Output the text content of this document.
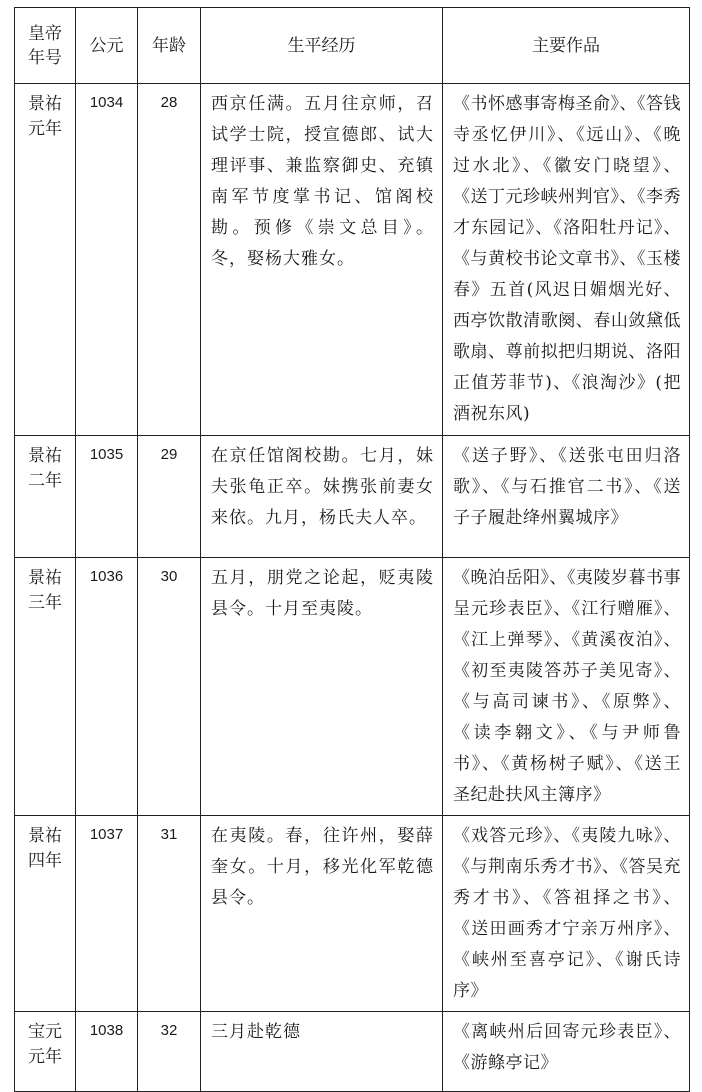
皇帝年号	公元	年龄	生平经历	主要作品

景祐元年	1034	28	西京任满。五月往京师，召试学士院，授宣德郎、试大理评事、兼监察御史、充镇南军节度掌书记、馆阁校勘。预修《崇文总目》。冬，娶杨大雅女。	《书怀感事寄梅圣俞》、《答钱寺丞忆伊川》、《远山》、《晚过水北》、《徽安门晓望》、《送丁元珍峡州判官》、《李秀才东园记》、《洛阳牡丹记》、《与黄校书论文章书》、《玉楼春》五首(风迟日媚烟光好、西亭饮散清歌阕、春山敛黛低歌扇、尊前拟把归期说、洛阳正值芳菲节)、《浪淘沙》(把酒祝东风)

景祐二年	1035	29	在京任馆阁校勘。七月，妹夫张龟正卒。妹携张前妻女来依。九月，杨氏夫人卒。	《送子野》、《送张屯田归洛歌》、《与石推官二书》、《送子子履赴绛州翼城序》

景祐三年	1036	30	五月，朋党之论起，贬夷陵县令。十月至夷陵。	《晚泊岳阳》、《夷陵岁暮书事呈元珍表臣》、《江行赠雁》、《江上弹琴》、《黄溪夜泊》、《初至夷陵答苏子美见寄》、《与高司谏书》、《原弊》、《读李翱文》、《与尹师鲁书》、《黄杨树子赋》、《送王圣纪赴扶风主簿序》

景祐四年	1037	31	在夷陵。春，往许州，娶薛奎女。十月，移光化军乾德县令。	《戏答元珍》、《夷陵九咏》、《与荆南乐秀才书》、《答吴充秀才书》、《答祖择之书》、《送田画秀才宁亲万州序》、《峡州至喜亭记》、《谢氏诗序》

宝元元年	1038	32	三月赴乾德	《离峡州后回寄元珍表臣》、《游鲦亭记》
